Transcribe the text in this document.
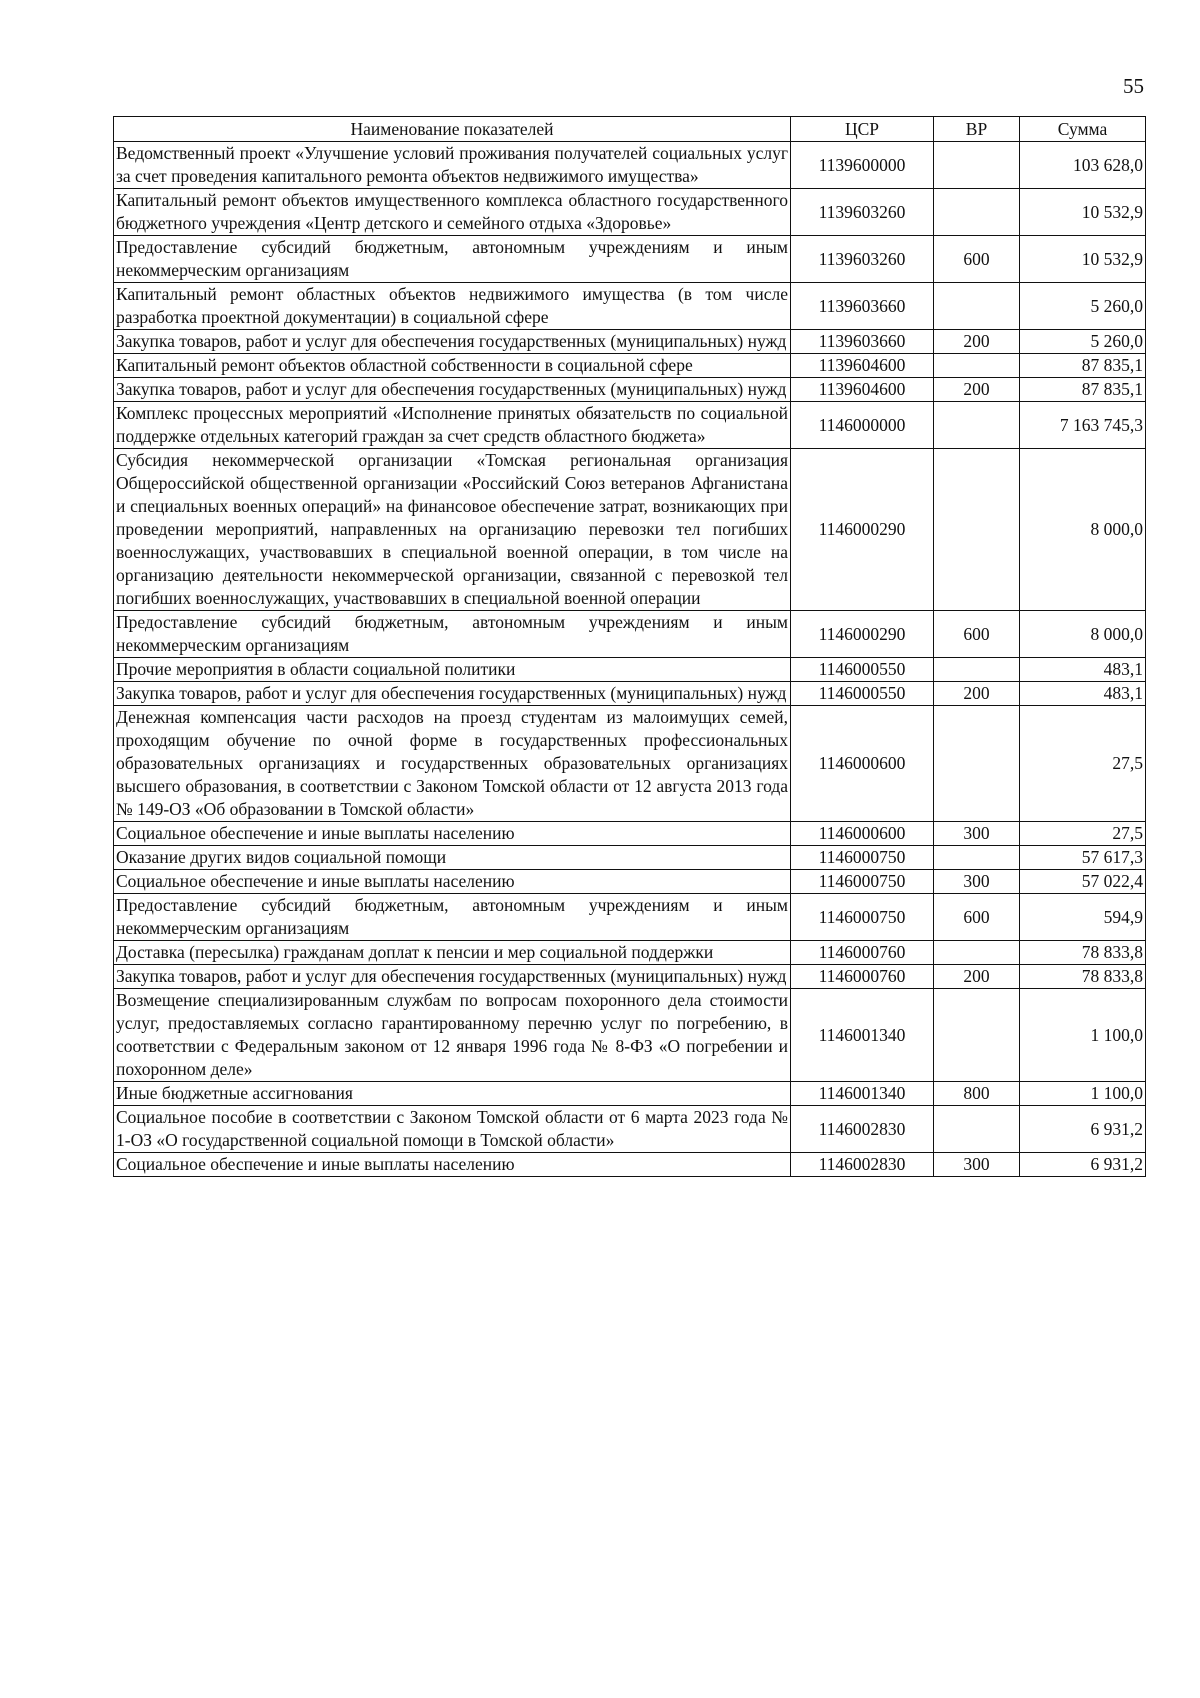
55
Наименование показателей	ЦСР	ВР	Сумма
Ведомственный проект «Улучшение условий проживания получателей социальных услуг за счет проведения капитального ремонта объектов недвижимого имущества»	1139600000		103 628,0
Капитальный ремонт объектов имущественного комплекса областного государственного бюджетного учреждения «Центр детского и семейного отдыха «Здоровье»	1139603260		10 532,9
Предоставление субсидий бюджетным, автономным учреждениям и иным некоммерческим организациям	1139603260	600	10 532,9
Капитальный ремонт областных объектов недвижимого имущества (в том числе разработка проектной документации) в социальной сфере	1139603660		5 260,0
Закупка товаров, работ и услуг для обеспечения государственных (муниципальных) нужд	1139603660	200	5 260,0
Капитальный ремонт объектов областной собственности в социальной сфере	1139604600		87 835,1
Закупка товаров, работ и услуг для обеспечения государственных (муниципальных) нужд	1139604600	200	87 835,1
Комплекс процессных мероприятий «Исполнение принятых обязательств по социальной поддержке отдельных категорий граждан за счет средств областного бюджета»	1146000000		7 163 745,3
Субсидия некоммерческой организации «Томская региональная организация Общероссийской общественной организации «Российский Союз ветеранов Афганистана и специальных военных операций» на финансовое обеспечение затрат, возникающих при проведении мероприятий, направленных на организацию перевозки тел погибших военнослужащих, участвовавших в специальной военной операции, в том числе на организацию деятельности некоммерческой организации, связанной с перевозкой тел погибших военнослужащих, участвовавших в специальной военной операции	1146000290		8 000,0
Предоставление субсидий бюджетным, автономным учреждениям и иным некоммерческим организациям	1146000290	600	8 000,0
Прочие мероприятия в области социальной политики	1146000550		483,1
Закупка товаров, работ и услуг для обеспечения государственных (муниципальных) нужд	1146000550	200	483,1
Денежная компенсация части расходов на проезд студентам из малоимущих семей, проходящим обучение по очной форме в государственных профессиональных образовательных организациях и государственных образовательных организациях высшего образования, в соответствии с Законом Томской области от 12 августа 2013 года № 149-ОЗ «Об образовании в Томской области»	1146000600		27,5
Социальное обеспечение и иные выплаты населению	1146000600	300	27,5
Оказание других видов социальной помощи	1146000750		57 617,3
Социальное обеспечение и иные выплаты населению	1146000750	300	57 022,4
Предоставление субсидий бюджетным, автономным учреждениям и иным некоммерческим организациям	1146000750	600	594,9
Доставка (пересылка) гражданам доплат к пенсии и мер социальной поддержки	1146000760		78 833,8
Закупка товаров, работ и услуг для обеспечения государственных (муниципальных) нужд	1146000760	200	78 833,8
Возмещение специализированным службам по вопросам похоронного дела стоимости услуг, предоставляемых согласно гарантированному перечню услуг по погребению, в соответствии с Федеральным законом от 12 января 1996 года № 8-ФЗ «О погребении и похоронном деле»	1146001340		1 100,0
Иные бюджетные ассигнования	1146001340	800	1 100,0
Социальное пособие в соответствии с Законом Томской области от 6 марта 2023 года № 1-ОЗ «О государственной социальной помощи в Томской области»	1146002830		6 931,2
Социальное обеспечение и иные выплаты населению	1146002830	300	6 931,2
